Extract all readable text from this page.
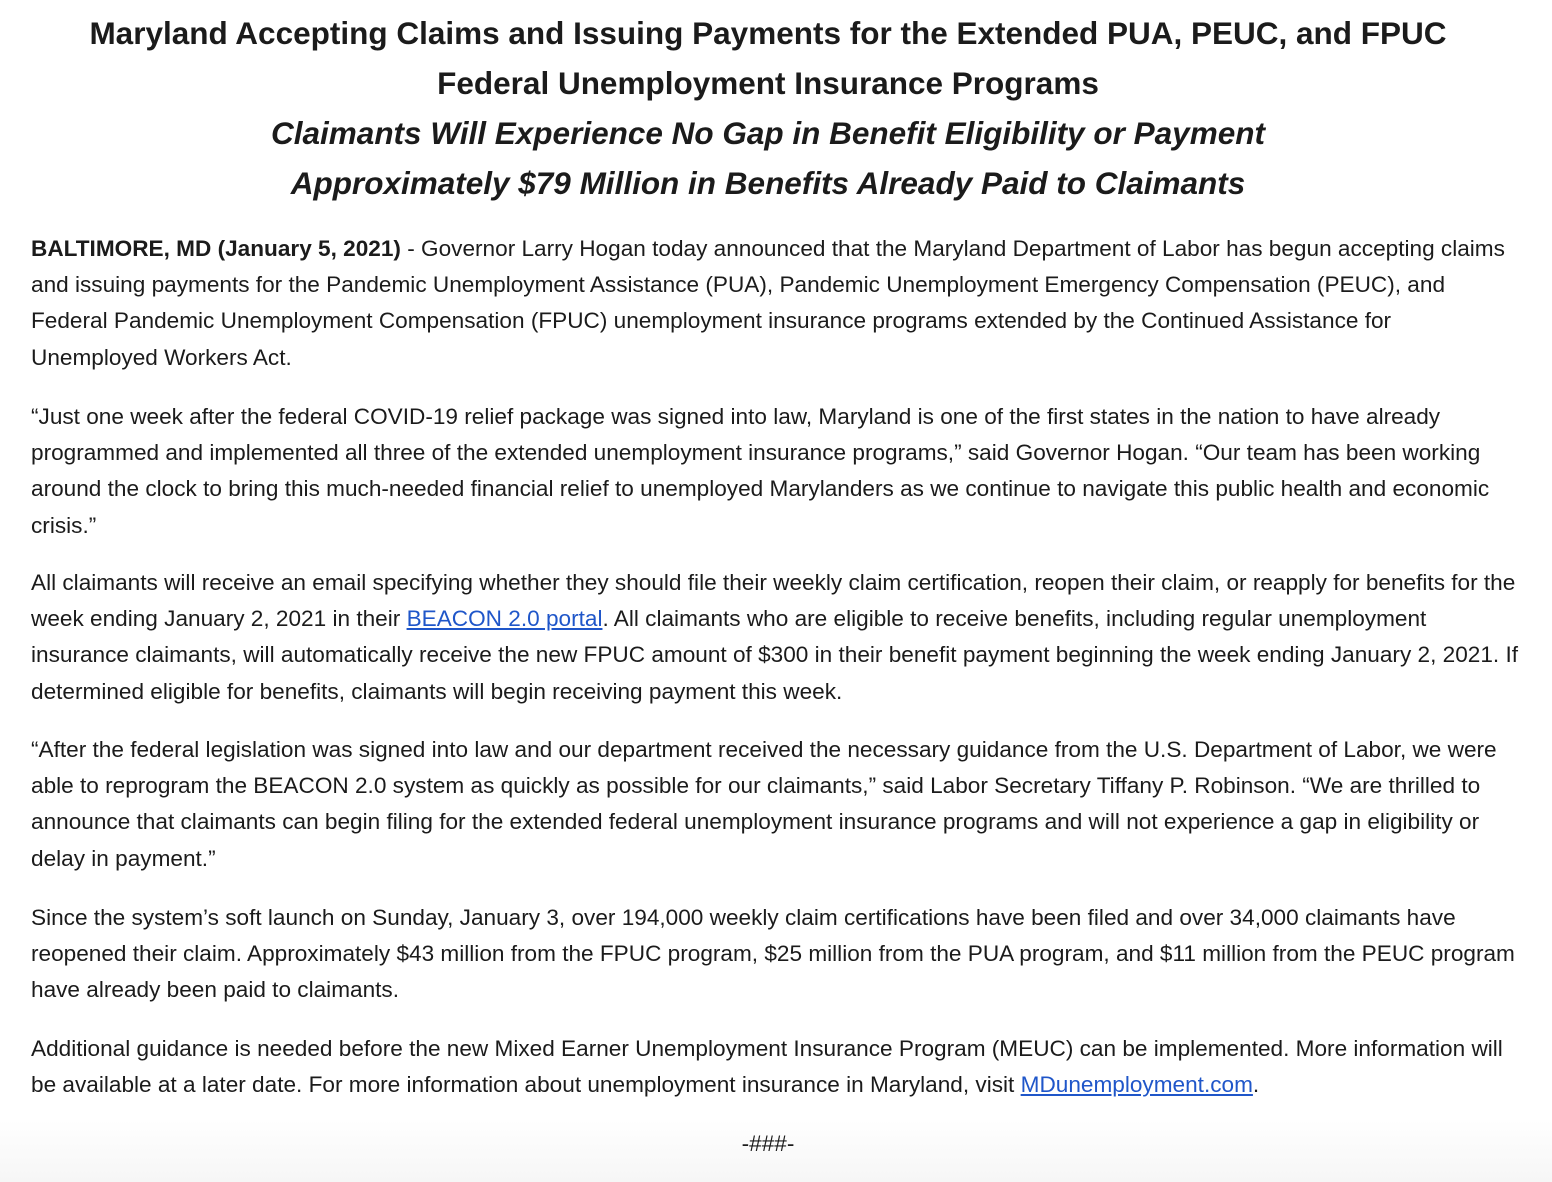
Maryland Accepting Claims and Issuing Payments for the Extended PUA, PEUC, and FPUC
Federal Unemployment Insurance Programs
Claimants Will Experience No Gap in Benefit Eligibility or Payment
Approximately $79 Million in Benefits Already Paid to Claimants

BALTIMORE, MD (January 5, 2021) - Governor Larry Hogan today announced that the Maryland Department of Labor has begun accepting claims and issuing payments for the Pandemic Unemployment Assistance (PUA), Pandemic Unemployment Emergency Compensation (PEUC), and Federal Pandemic Unemployment Compensation (FPUC) unemployment insurance programs extended by the Continued Assistance for Unemployed Workers Act.

“Just one week after the federal COVID-19 relief package was signed into law, Maryland is one of the first states in the nation to have already programmed and implemented all three of the extended unemployment insurance programs,” said Governor Hogan. “Our team has been working around the clock to bring this much-needed financial relief to unemployed Marylanders as we continue to navigate this public health and economic crisis.”

All claimants will receive an email specifying whether they should file their weekly claim certification, reopen their claim, or reapply for benefits for the week ending January 2, 2021 in their BEACON 2.0 portal. All claimants who are eligible to receive benefits, including regular unemployment insurance claimants, will automatically receive the new FPUC amount of $300 in their benefit payment beginning the week ending January 2, 2021. If determined eligible for benefits, claimants will begin receiving payment this week.

“After the federal legislation was signed into law and our department received the necessary guidance from the U.S. Department of Labor, we were able to reprogram the BEACON 2.0 system as quickly as possible for our claimants,” said Labor Secretary Tiffany P. Robinson. “We are thrilled to announce that claimants can begin filing for the extended federal unemployment insurance programs and will not experience a gap in eligibility or delay in payment.”

Since the system’s soft launch on Sunday, January 3, over 194,000 weekly claim certifications have been filed and over 34,000 claimants have reopened their claim. Approximately $43 million from the FPUC program, $25 million from the PUA program, and $11 million from the PEUC program have already been paid to claimants.

Additional guidance is needed before the new Mixed Earner Unemployment Insurance Program (MEUC) can be implemented. More information will be available at a later date. For more information about unemployment insurance in Maryland, visit MDunemployment.com.

-###-
